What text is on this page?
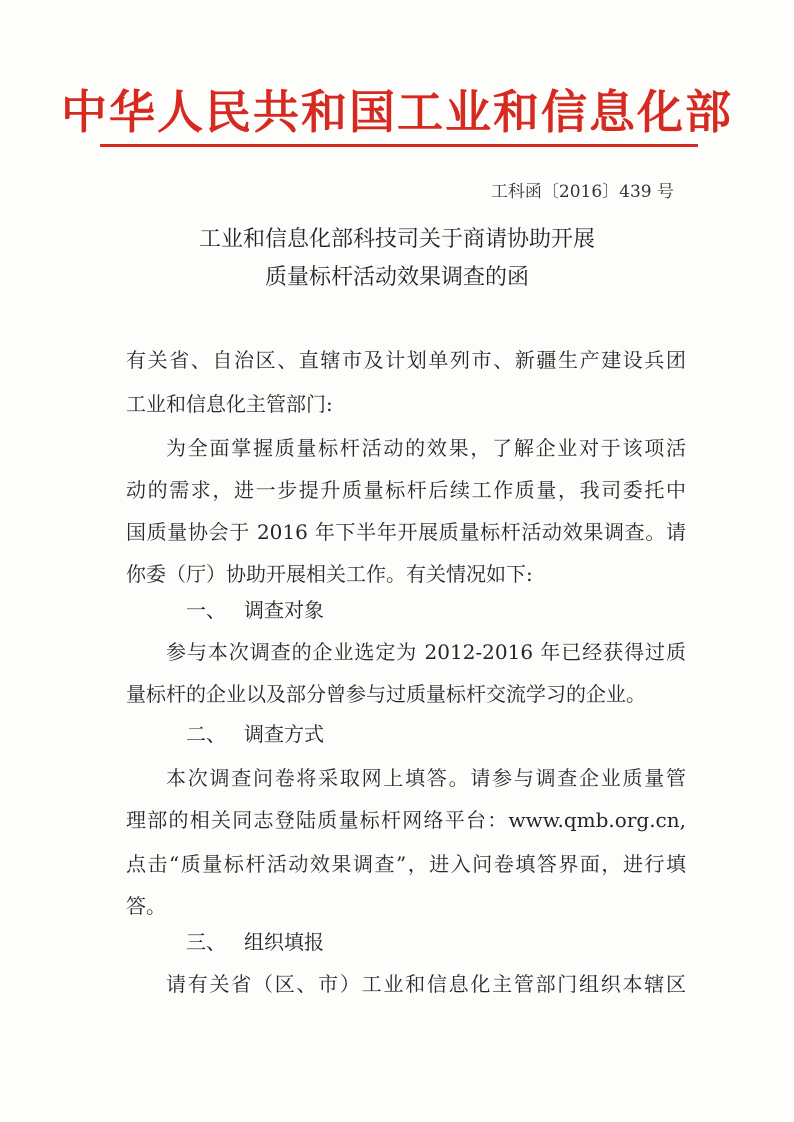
中华人民共和国工业和信息化部
工科函〔2016〕439 号
工业和信息化部科技司关于商请协助开展
质量标杆活动效果调查的函
有关省、自治区、直辖市及计划单列市、新疆生产建设兵团
工业和信息化主管部门:
为全面掌握质量标杆活动的效果，了解企业对于该项活
动的需求，进一步提升质量标杆后续工作质量，我司委托中
国质量协会于 2016 年下半年开展质量标杆活动效果调查。请
你委（厅）协助开展相关工作。有关情况如下:
一、 调查对象
参与本次调查的企业选定为 2012-2016 年已经获得过质
量标杆的企业以及部分曾参与过质量标杆交流学习的企业。
二、 调查方式
本次调查问卷将采取网上填答。请参与调查企业质量管
理部的相关同志登陆质量标杆网络平台：www.qmb.org.cn,
点击“质量标杆活动效果调查”，进入问卷填答界面，进行填
答。
三、 组织填报
请有关省（区、市）工业和信息化主管部门组织本辖区
